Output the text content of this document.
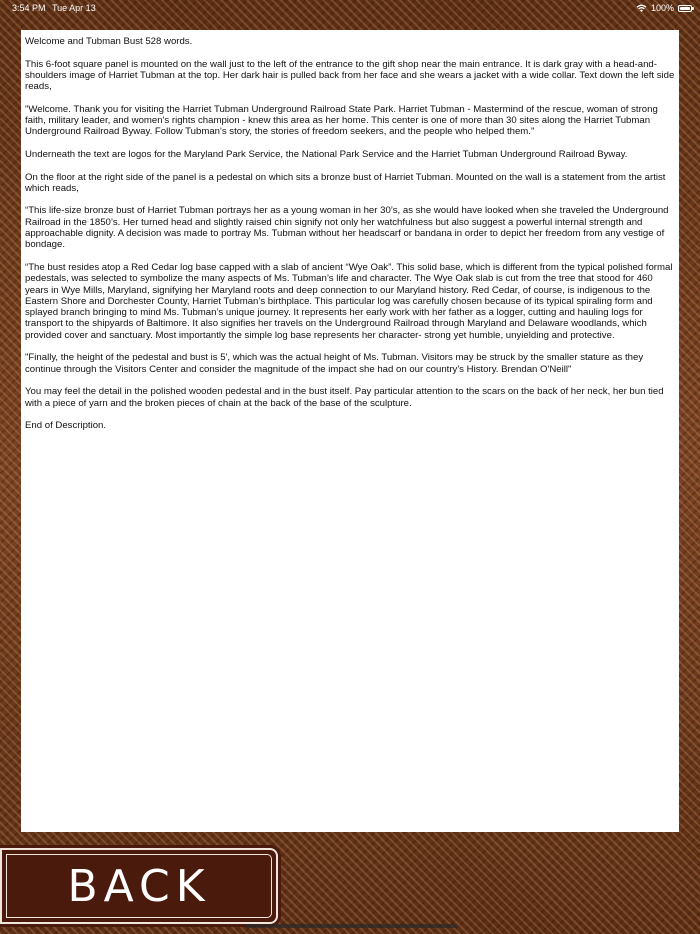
3:54 PM Tue Apr 13	100%

Welcome and Tubman Bust 528 words.

This 6-foot square panel is mounted on the wall just to the left of the entrance to the gift shop near the main entrance. It is dark gray with a head-and-shoulders image of Harriet Tubman at the top. Her dark hair is pulled back from her face and she wears a jacket with a wide collar. Text down the left side reads,

"Welcome. Thank you for visiting the Harriet Tubman Underground Railroad State Park. Harriet Tubman - Mastermind of the rescue, woman of strong faith, military leader, and women's rights champion - knew this area as her home. This center is one of more than 30 sites along the Harriet Tubman Underground Railroad Byway. Follow Tubman's story, the stories of freedom seekers, and the people who helped them."

Underneath the text are logos for the Maryland Park Service, the National Park Service and the Harriet Tubman Underground Railroad Byway.

On the floor at the right side of the panel is a pedestal on which sits a bronze bust of Harriet Tubman. Mounted on the wall is a statement from the artist which reads,

“This life-size bronze bust of Harriet Tubman portrays her as a young woman in her 30’s, as she would have looked when she traveled the Underground Railroad in the 1850’s. Her turned head and slightly raised chin signify not only her watchfulness but also suggest a powerful internal strength and approachable dignity. A decision was made to portray Ms. Tubman without her headscarf or bandana in order to depict her freedom from any vestige of bondage.

“The bust resides atop a Red Cedar log base capped with a slab of ancient “Wye Oak”. This solid base, which is different from the typical polished formal pedestals, was selected to symbolize the many aspects of Ms. Tubman’s life and character. The Wye Oak slab is cut from the tree that stood for 460 years in Wye Mills, Maryland, signifying her Maryland roots and deep connection to our Maryland history. Red Cedar, of course, is indigenous to the Eastern Shore and Dorchester County, Harriet Tubman’s birthplace. This particular log was carefully chosen because of its typical spiraling form and splayed branch bringing to mind Ms. Tubman’s unique journey. It represents her early work with her father as a logger, cutting and hauling logs for transport to the shipyards of Baltimore. It also signifies her travels on the Underground Railroad through Maryland and Delaware woodlands, which provided cover and sanctuary. Most importantly the simple log base represents her character- strong yet humble, unyielding and protective.

"Finally, the height of the pedestal and bust is 5', which was the actual height of Ms. Tubman. Visitors may be struck by the smaller stature as they continue through the Visitors Center and consider the magnitude of the impact she had on our country's History. Brendan O'Neill"

You may feel the detail in the polished wooden pedestal and in the bust itself. Pay particular attention to the scars on the back of her neck, her bun tied with a piece of yarn and the broken pieces of chain at the back of the base of the sculpture.

End of Description.

BACK
